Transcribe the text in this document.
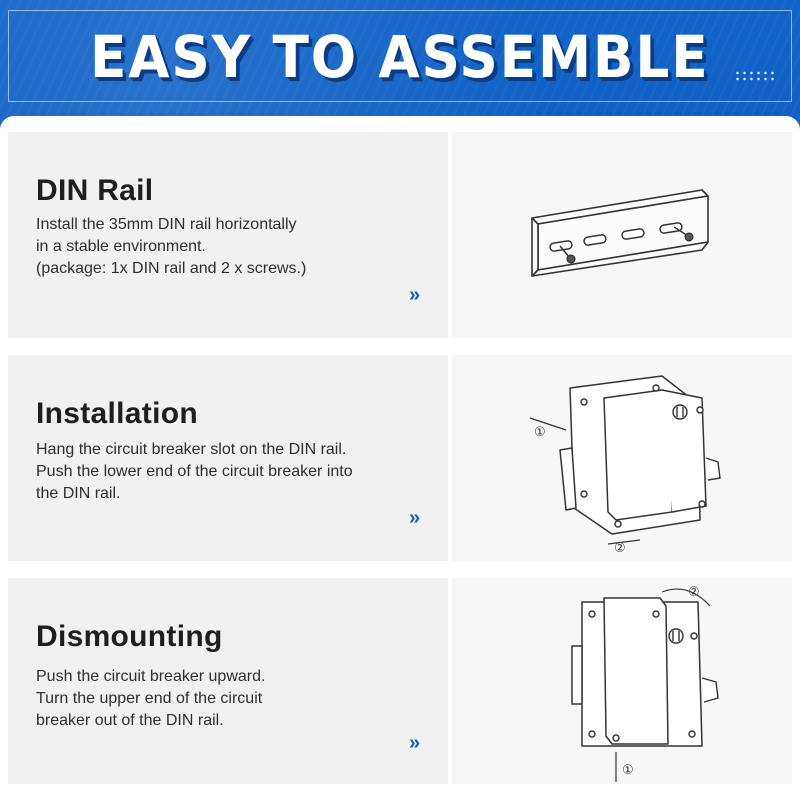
EASY TO ASSEMBLE
DIN Rail
Install the 35mm DIN rail horizontally
in a stable environment.
(package: 1x DIN rail and 2 x screws.)
»
Installation
Hang the circuit breaker slot on the DIN rail.
Push the lower end of the circuit breaker into
the DIN rail.
»
①
②
Dismounting
Push the circuit breaker upward.
Turn the upper end of the circuit
breaker out of the DIN rail.
»
②
①
